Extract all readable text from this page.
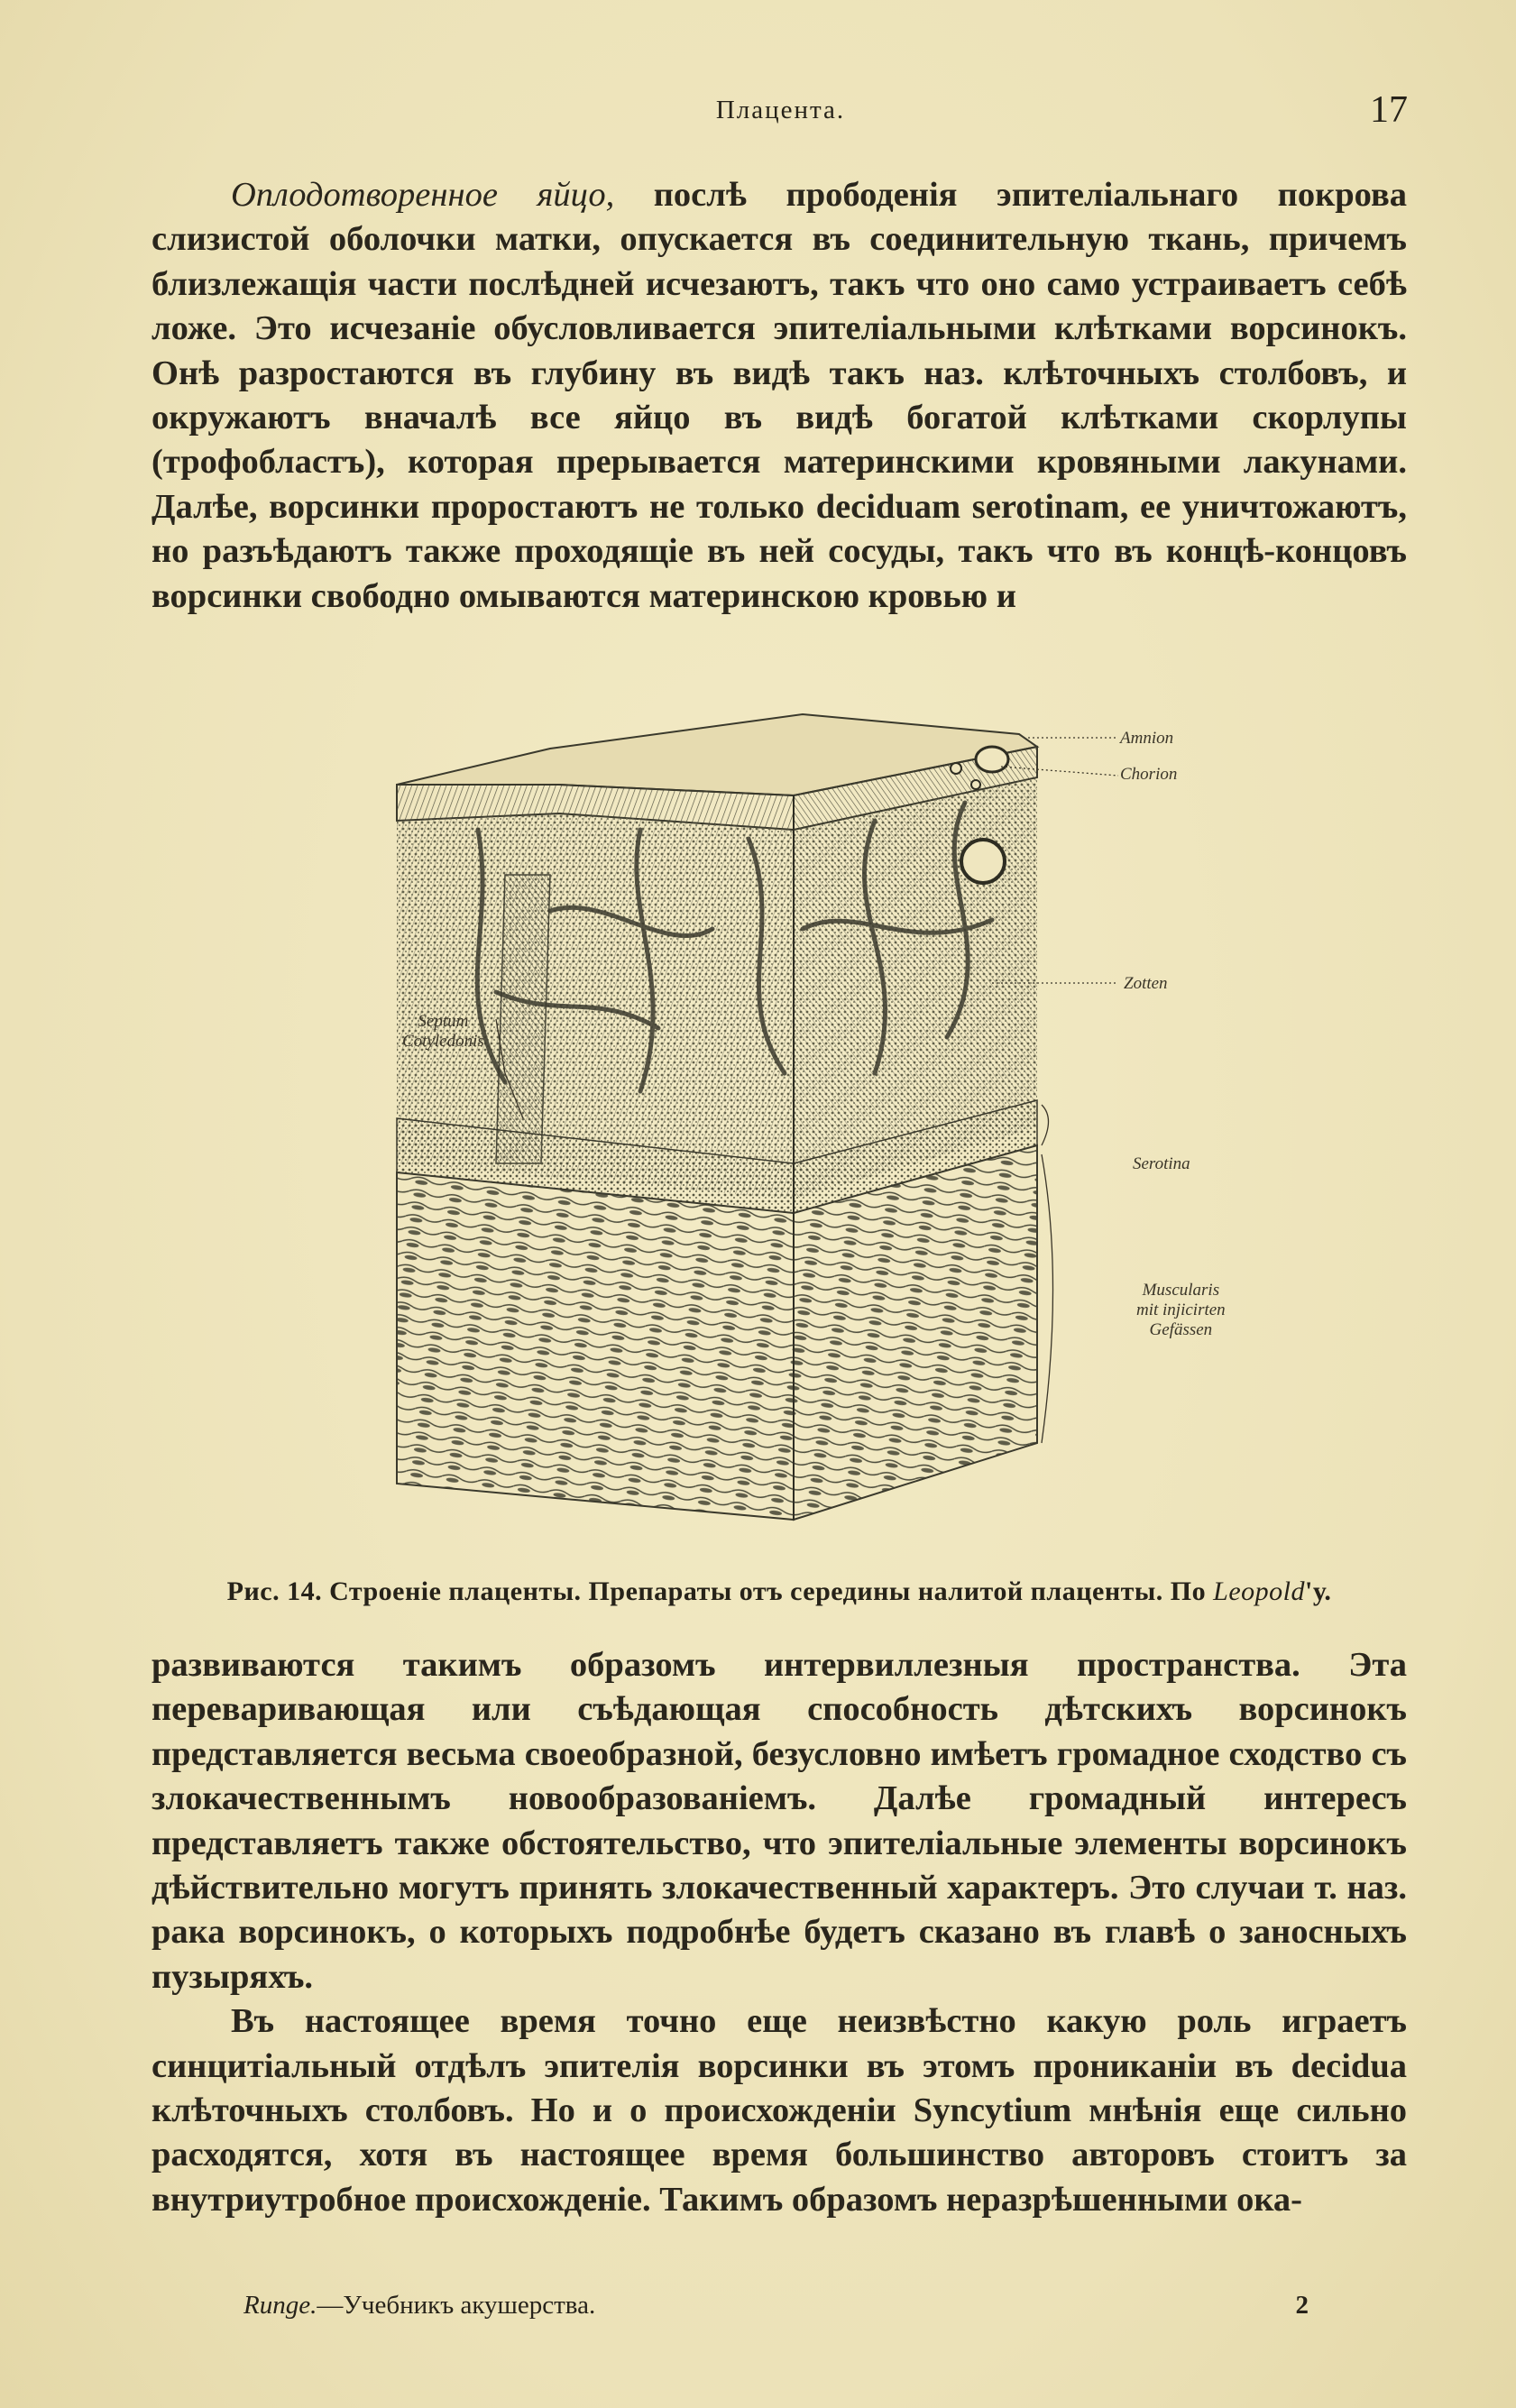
Плацента.	17

Оплодотворенное яйцо, послѣ прободенія эпителіальнаго покрова слизистой оболочки матки, опускается въ соединительную ткань, причемъ близлежащія части послѣдней исчезаютъ, такъ что оно само устраиваетъ себѣ ложе. Это исчезаніе обусловливается эпителіальными клѣтками ворсинокъ. Онѣ разростаются въ глубину въ видѣ такъ наз. клѣточныхъ столбовъ, и окружаютъ вначалѣ все яйцо въ видѣ богатой клѣтками скорлупы (трофобластъ), которая прерывается материнскими кровяными лакунами. Далѣе, ворсинки проростаютъ не только deciduam serotinam, ее уничтожаютъ, но разъѣдаютъ также проходящіе въ ней сосуды, такъ что въ концѣ-концовъ ворсинки свободно омываются материнскою кровью и

Amnion
Chorion
Zotten
Septum
Cotyledonis
Serotina
Muscularis
mit injicirten
Gefässen
Рис. 14. Строеніе плаценты. Препараты отъ середины налитой плаценты. По Leopold'у.

развиваются такимъ образомъ интервиллезныя пространства. Эта переваривающая или съѣдающая способность дѣтскихъ ворсинокъ представляется весьма своеобразной, безусловно имѣетъ громадное сходство съ злокачественнымъ новообразованіемъ. Далѣе громадный интересъ представляетъ также обстоятельство, что эпителіальные элементы ворсинокъ дѣйствительно могутъ принять злокачественный характеръ. Это случаи т. наз. рака ворсинокъ, о которыхъ подробнѣе будетъ сказано въ главѣ о заносныхъ пузыряхъ.

Въ настоящее время точно еще неизвѣстно какую роль играетъ синцитіальный отдѣлъ эпителія ворсинки въ этомъ проникaніи въ decidua клѣточныхъ столбовъ. Но и о происхожденіи Syncytium мнѣнія еще сильно расходятся, хотя въ настоящее время большинство авторовъ стоитъ за внутриутробное происхожденіе. Такимъ образомъ неразрѣшенными ока-

Runge.—Учебникъ акушерства.	2
